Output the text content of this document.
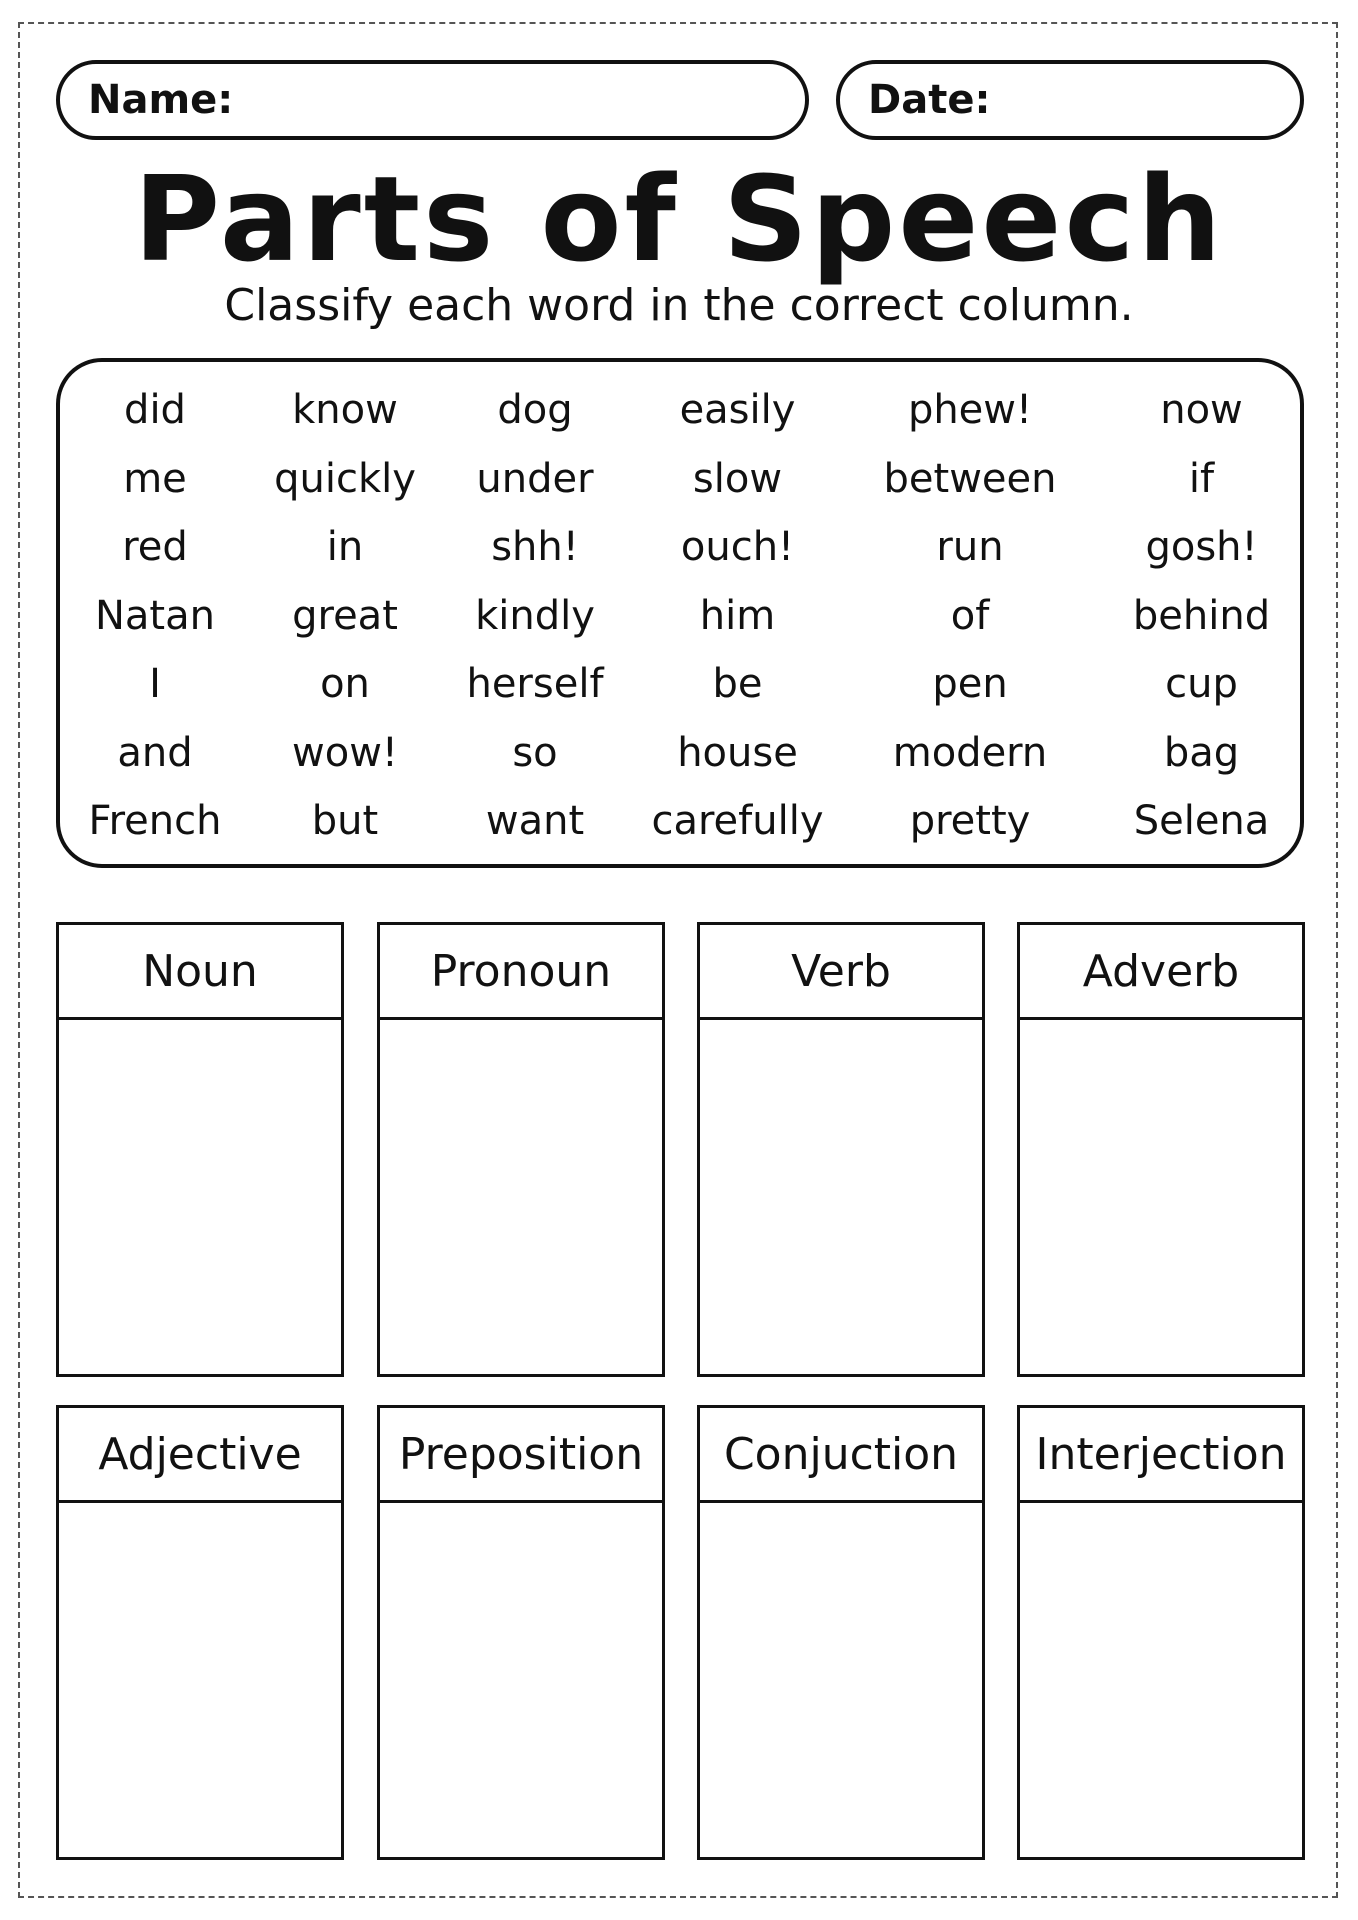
Name:	Date:
Parts of Speech
Classify each word in the correct column.
did	know	dog	easily	phew!	now
me	quickly	under	slow	between	if
red	in	shh!	ouch!	run	gosh!
Natan	great	kindly	him	of	behind
I	on	herself	be	pen	cup
and	wow!	so	house	modern	bag
French	but	want	carefully	pretty	Selena
Noun	Pronoun	Verb	Adverb
Adjective	Preposition	Conjuction	Interjection
